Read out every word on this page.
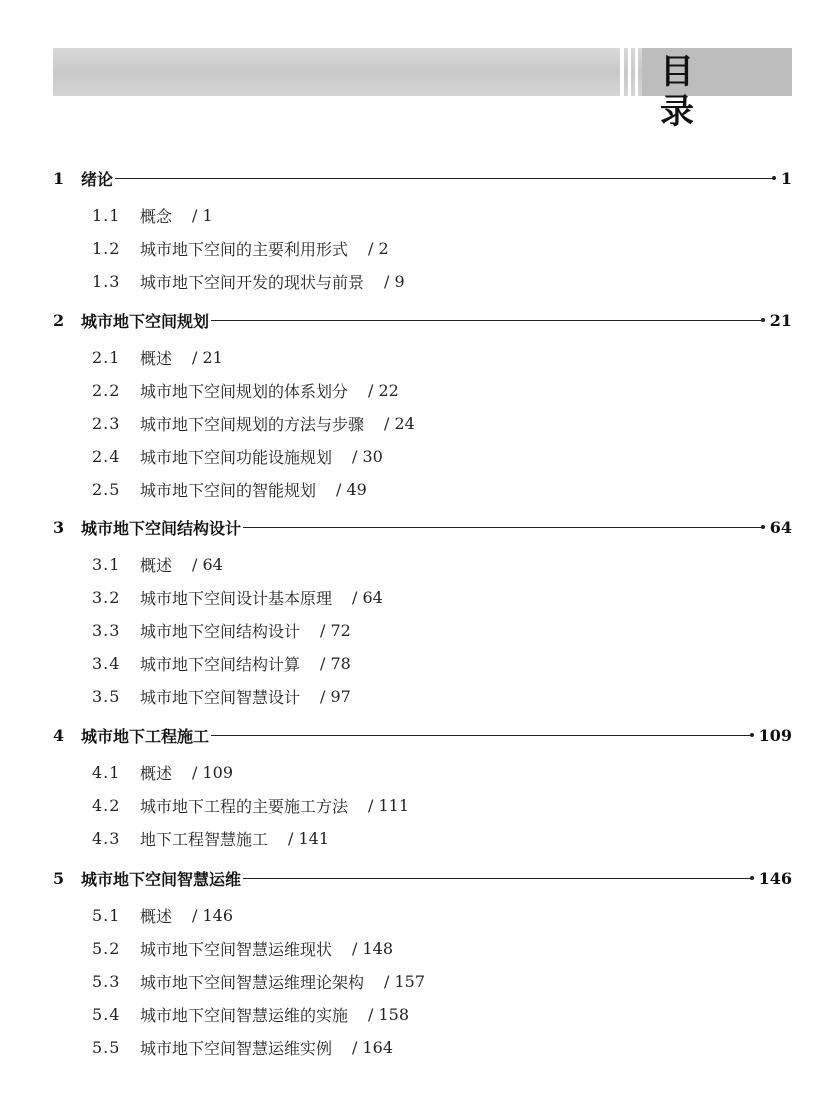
目 录
1	绪论	1
1.1	概念 / 1
1.2	城市地下空间的主要利用形式 / 2
1.3	城市地下空间开发的现状与前景 / 9
2	城市地下空间规划	21
2.1	概述 / 21
2.2	城市地下空间规划的体系划分 / 22
2.3	城市地下空间规划的方法与步骤 / 24
2.4	城市地下空间功能设施规划 / 30
2.5	城市地下空间的智能规划 / 49
3	城市地下空间结构设计	64
3.1	概述 / 64
3.2	城市地下空间设计基本原理 / 64
3.3	城市地下空间结构设计 / 72
3.4	城市地下空间结构计算 / 78
3.5	城市地下空间智慧设计 / 97
4	城市地下工程施工	109
4.1	概述 / 109
4.2	城市地下工程的主要施工方法 / 111
4.3	地下工程智慧施工 / 141
5	城市地下空间智慧运维	146
5.1	概述 / 146
5.2	城市地下空间智慧运维现状 / 148
5.3	城市地下空间智慧运维理论架构 / 157
5.4	城市地下空间智慧运维的实施 / 158
5.5	城市地下空间智慧运维实例 / 164
